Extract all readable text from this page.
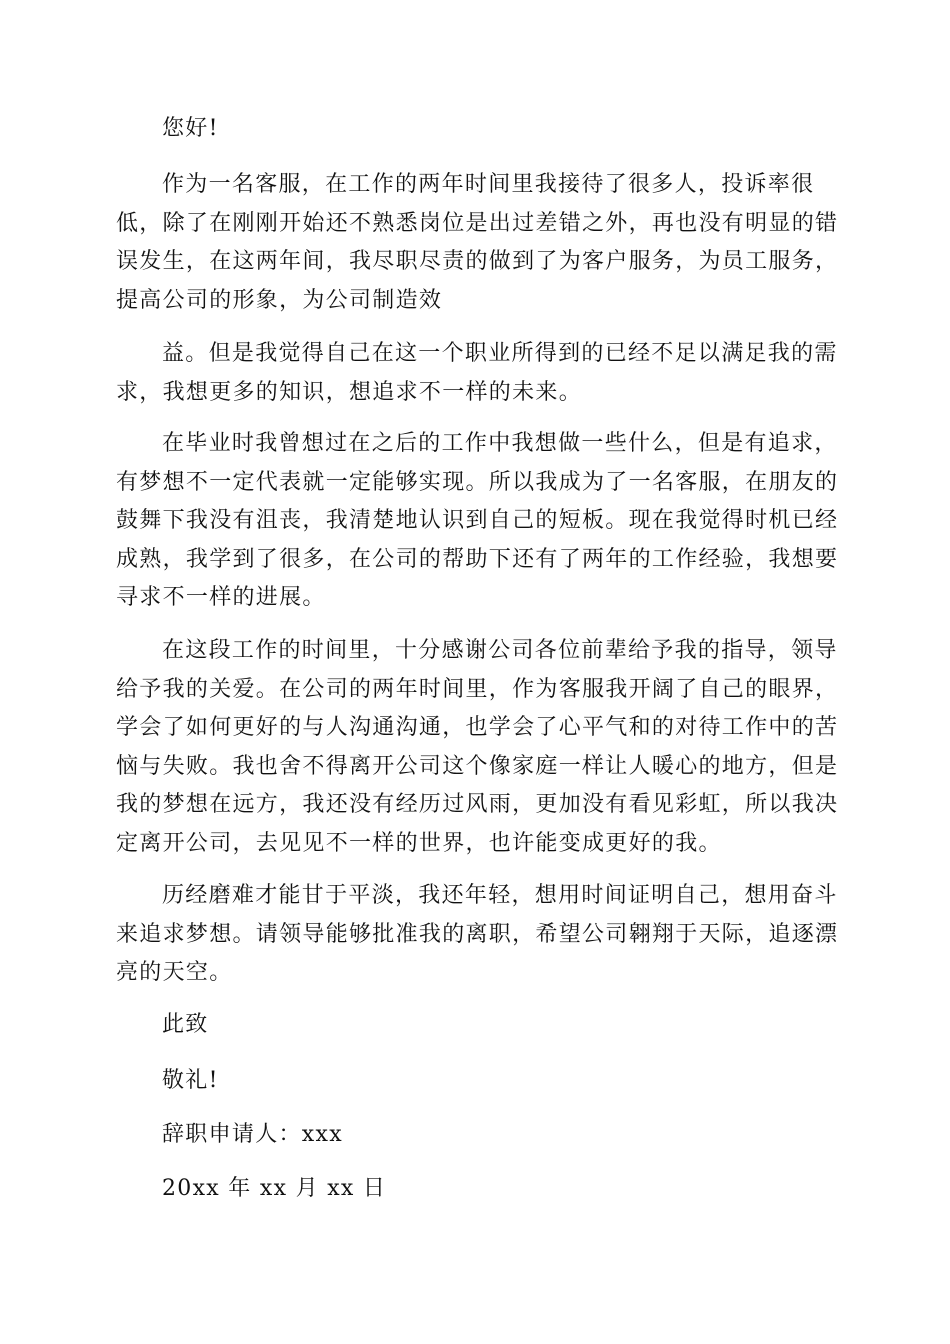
您好!

作为一名客服，在工作的两年时间里我接待了很多人，投诉率很低，除了在刚刚开始还不熟悉岗位是出过差错之外，再也没有明显的错误发生，在这两年间，我尽职尽责的做到了为客户服务，为员工服务，提高公司的形象，为公司制造效

益。但是我觉得自己在这一个职业所得到的已经不足以满足我的需求，我想更多的知识，想追求不一样的未来。

在毕业时我曾想过在之后的工作中我想做一些什么，但是有追求，有梦想不一定代表就一定能够实现。所以我成为了一名客服，在朋友的鼓舞下我没有沮丧，我清楚地认识到自己的短板。现在我觉得时机已经成熟，我学到了很多，在公司的帮助下还有了两年的工作经验，我想要寻求不一样的进展。

在这段工作的时间里，十分感谢公司各位前辈给予我的指导，领导给予我的关爱。在公司的两年时间里，作为客服我开阔了自己的眼界，学会了如何更好的与人沟通沟通，也学会了心平气和的对待工作中的苦恼与失败。我也舍不得离开公司这个像家庭一样让人暖心的地方，但是我的梦想在远方，我还没有经历过风雨，更加没有看见彩虹，所以我决定离开公司，去见见不一样的世界，也许能变成更好的我。

历经磨难才能甘于平淡，我还年轻，想用时间证明自己，想用奋斗来追求梦想。请领导能够批准我的离职，希望公司翱翔于天际，追逐漂亮的天空。

此致

敬礼!

辞职申请人：xxx

20xx 年 xx 月 xx 日
